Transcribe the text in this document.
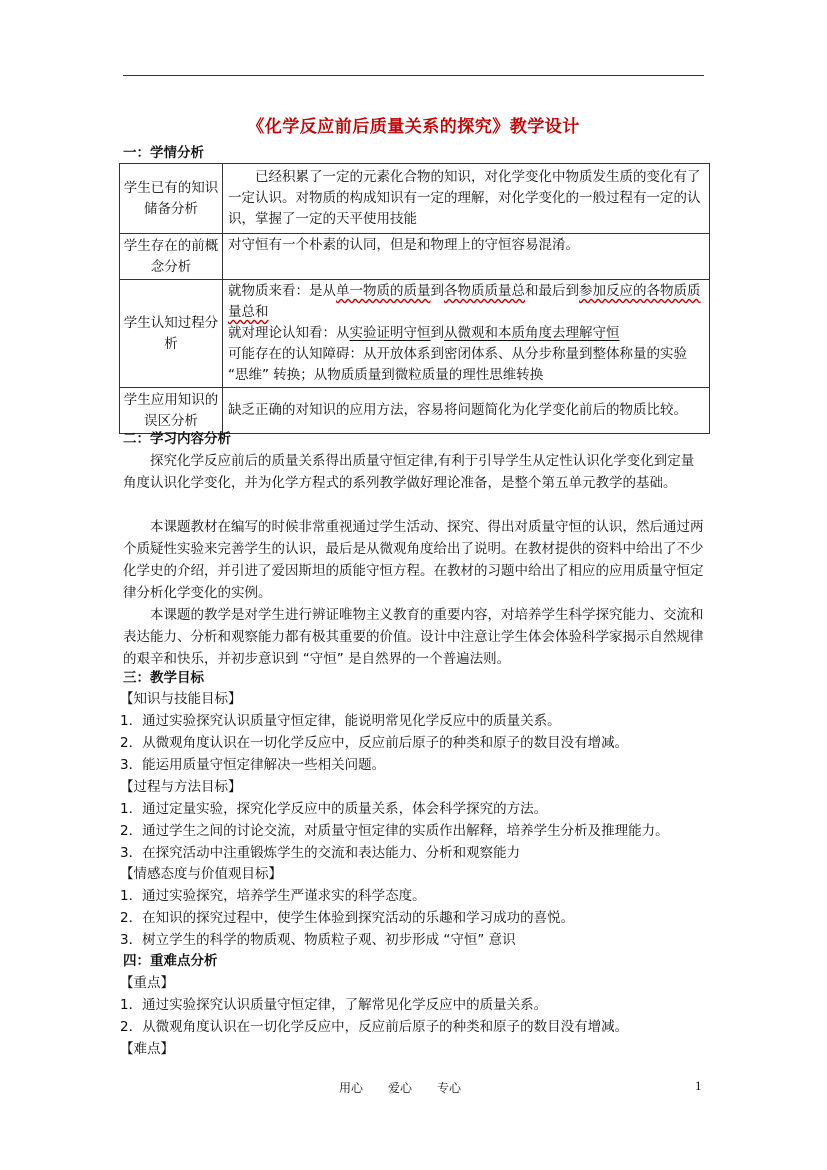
《化学反应前后质量关系的探究》教学设计
一：学情分析
学生已有的知识储备分析	已经积累了一定的元素化合物的知识，对化学变化中物质发生质的变化有了一定认识。对物质的构成知识有一定的理解，对化学变化的一般过程有一定的认识，掌握了一定的天平使用技能
学生存在的前概念分析	对守恒有一个朴素的认同，但是和物理上的守恒容易混淆。
学生认知过程分析	就物质来看：是从单一物质的质量到各物质质量总和最后到参加反应的各物质质量总和
就对理论认知看：从实验证明守恒到从微观和本质角度去理解守恒
可能存在的认知障碍：从开放体系到密闭体系、从分步称量到整体称量的实验 “思维” 转换；从物质质量到微粒质量的理性思维转换

学生应用知识的误区分析	缺乏正确的对知识的应用方法，容易将问题简化为化学变化前后的物质比较。
二：学习内容分析
探究化学反应前后的质量关系得出质量守恒定律,有利于引导学生从定性认识化学变化到定量角度认识化学变化，并为化学方程式的系列教学做好理论准备，是整个第五单元教学的基础。
本课题教材在编写的时候非常重视通过学生活动、探究、得出对质量守恒的认识，然后通过两个质疑性实验来完善学生的认识，最后是从微观角度给出了说明。在教材提供的资料中给出了不少化学史的介绍，并引进了爱因斯坦的质能守恒方程。在教材的习题中给出了相应的应用质量守恒定律分析化学变化的实例。
本课题的教学是对学生进行辨证唯物主义教育的重要内容，对培养学生科学探究能力、交流和表达能力、分析和观察能力都有极其重要的价值。设计中注意让学生体会体验科学家揭示自然规律的艰辛和快乐，并初步意识到 “守恒” 是自然界的一个普遍法则。
三：教学目标
【知识与技能目标】
1．通过实验探究认识质量守恒定律，能说明常见化学反应中的质量关系。
2．从微观角度认识在一切化学反应中，反应前后原子的种类和原子的数目没有增减。
3．能运用质量守恒定律解决一些相关问题。
【过程与方法目标】
1．通过定量实验，探究化学反应中的质量关系，体会科学探究的方法。
2．通过学生之间的讨论交流，对质量守恒定律的实质作出解释，培养学生分析及推理能力。
3．在探究活动中注重锻炼学生的交流和表达能力、分析和观察能力
【情感态度与价值观目标】
1．通过实验探究，培养学生严谨求实的科学态度。
2．在知识的探究过程中，使学生体验到探究活动的乐趣和学习成功的喜悦。
3．树立学生的科学的物质观、物质粒子观、初步形成 “守恒” 意识
四：重难点分析
【重点】
1．通过实验探究认识质量守恒定律，了解常见化学反应中的质量关系。
2．从微观角度认识在一切化学反应中，反应前后原子的种类和原子的数目没有增减。
【难点】
用心 爱心 专心	1
